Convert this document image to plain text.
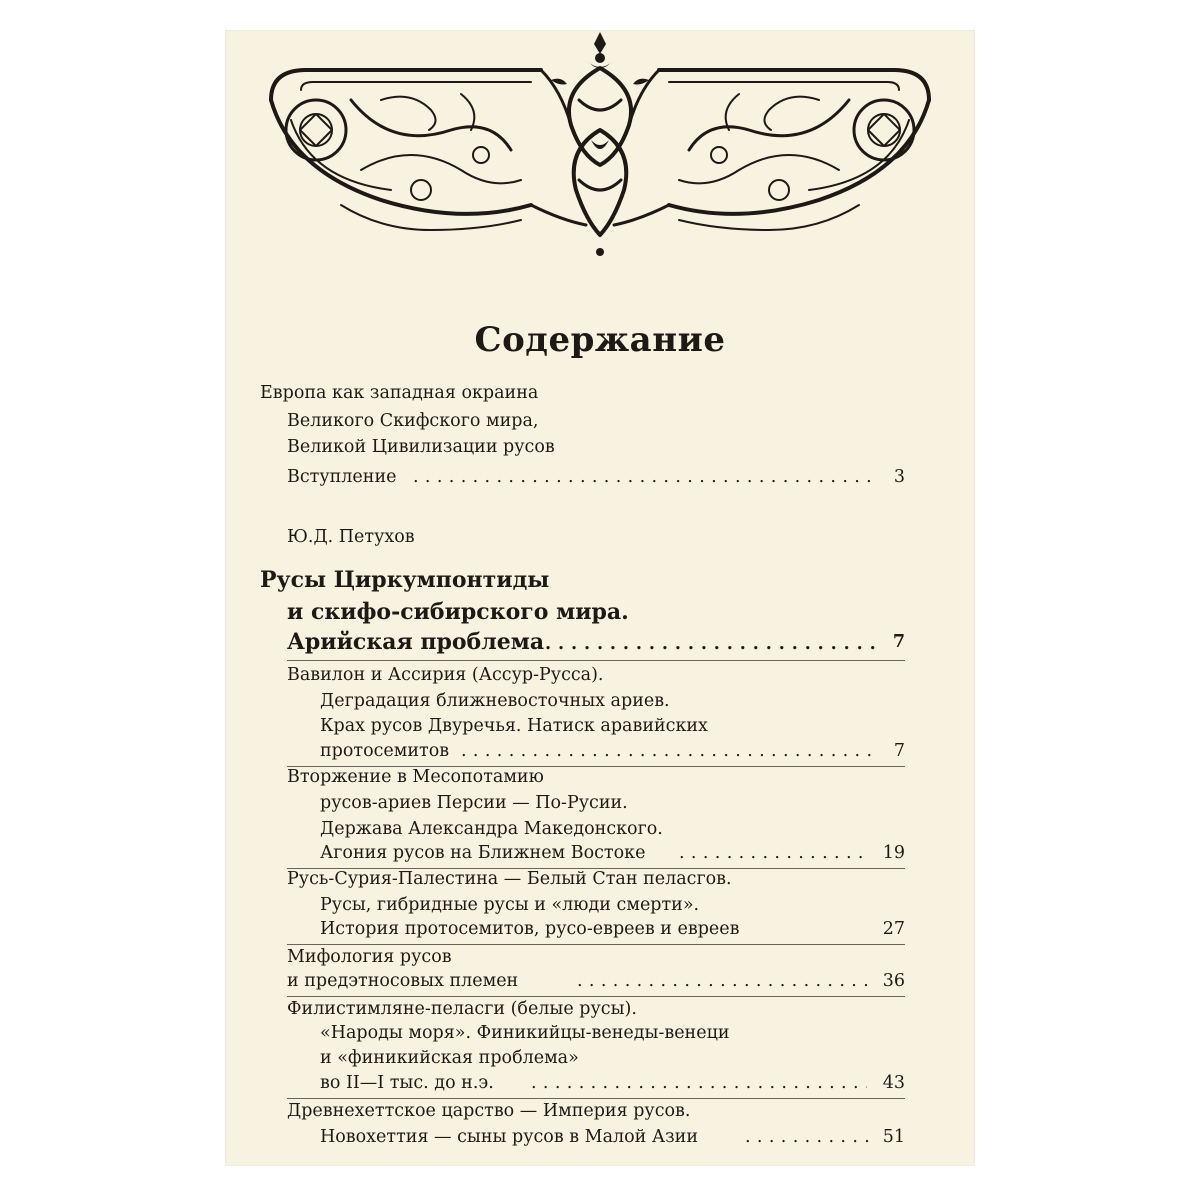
Содержание
Европа как западная окраина
Великого Скифского мира,
Великой Цивилизации русов
Вступление . . .	3
Ю.Д. Петухов
Русы Циркумпонтиды
и скифо-сибирского мира.
Арийская проблема . . .	7
Вавилон и Ассирия (Ассур-Русса).
Деградация ближневосточных ариев.
Крах русов Двуречья. Натиск аравийских
протосемитов . . .	7
Вторжение в Месопотамию
русов-ариев Персии — По-Русии.
Держава Александра Македонского.
Агония русов на Ближнем Востоке . . .	19
Русь-Сурия-Палестина — Белый Стан пеласгов.
Русы, гибридные русы и «люди смерти».
История протосемитов, русо-евреев и евреев	27
Мифология русов
и предэтносовых племен . . .	36
Филистимляне-пеласги (белые русы).
«Народы моря». Финикийцы-венеды-венеци
и «финикийская проблема»
во II—I тыс. до н.э. . . .	43
Древнехеттское царство — Империя русов.
Новохеттия — сыны русов в Малой Азии . . .	51
